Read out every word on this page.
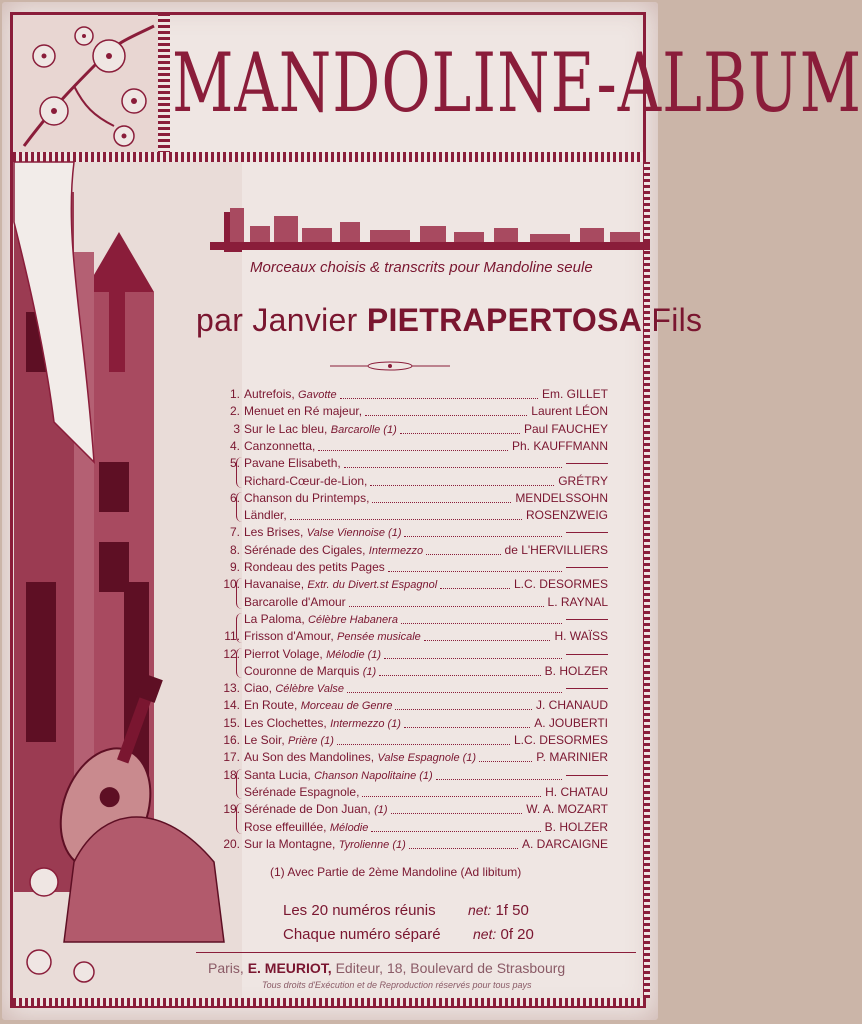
MANDOLINE-ALBUM
Morceaux choisis & transcrits pour Mandoline seule
par Janvier PIETRAPERTOSA Fils
1. Autrefois, Gavotte	Em. GILLET
2. Menuet en Ré majeur,	Laurent LÉON
3 Sur le Lac bleu, Barcarolle (1)	Paul FAUCHEY
4. Canzonnetta,	Ph. KAUFFMANN
5. Pavane Elisabeth,
Richard-Cœur-de-Lion,	GRÉTRY
6. Chanson du Printemps,	MENDELSSOHN
Ländler,	ROSENZWEIG
7. Les Brises, Valse Viennoise (1)
8. Sérénade des Cigales, Intermezzo	de L'HERVILLIERS
9. Rondeau des petits Pages
10. Havanaise, Extr. du Divert.st Espagnol	L.C. DESORMES
Barcarolle d'Amour	L. RAYNAL
La Paloma, Célèbre Habanera
11. Frisson d'Amour, Pensée musicale	H. WAÏSS
12. Pierrot Volage, Mélodie (1)
Couronne de Marquis (1)	B. HOLZER
13. Ciao, Célèbre Valse
14. En Route, Morceau de Genre	J. CHANAUD
15. Les Clochettes, Intermezzo (1)	A. JOUBERTI
16. Le Soir, Prière (1)	L.C. DESORMES
17. Au Son des Mandolines, Valse Espagnole (1)	P. MARINIER
18. Santa Lucia, Chanson Napolitaine (1)
Sérénade Espagnole,	H. CHATAU
19. Sérénade de Don Juan, (1)	W. A. MOZART
Rose effeuillée, Mélodie	B. HOLZER
20. Sur la Montagne, Tyrolienne (1)	A. DARCAIGNE
(1) Avec Partie de 2ème Mandoline (Ad libitum)
Les 20 numéros réunis net: 1f 50
Chaque numéro séparé net: 0f 20
Paris, E. MEURIOT, Editeur, 18, Boulevard de Strasbourg
Tous droits d'Exécution et de Reproduction réservés pour tous pays
